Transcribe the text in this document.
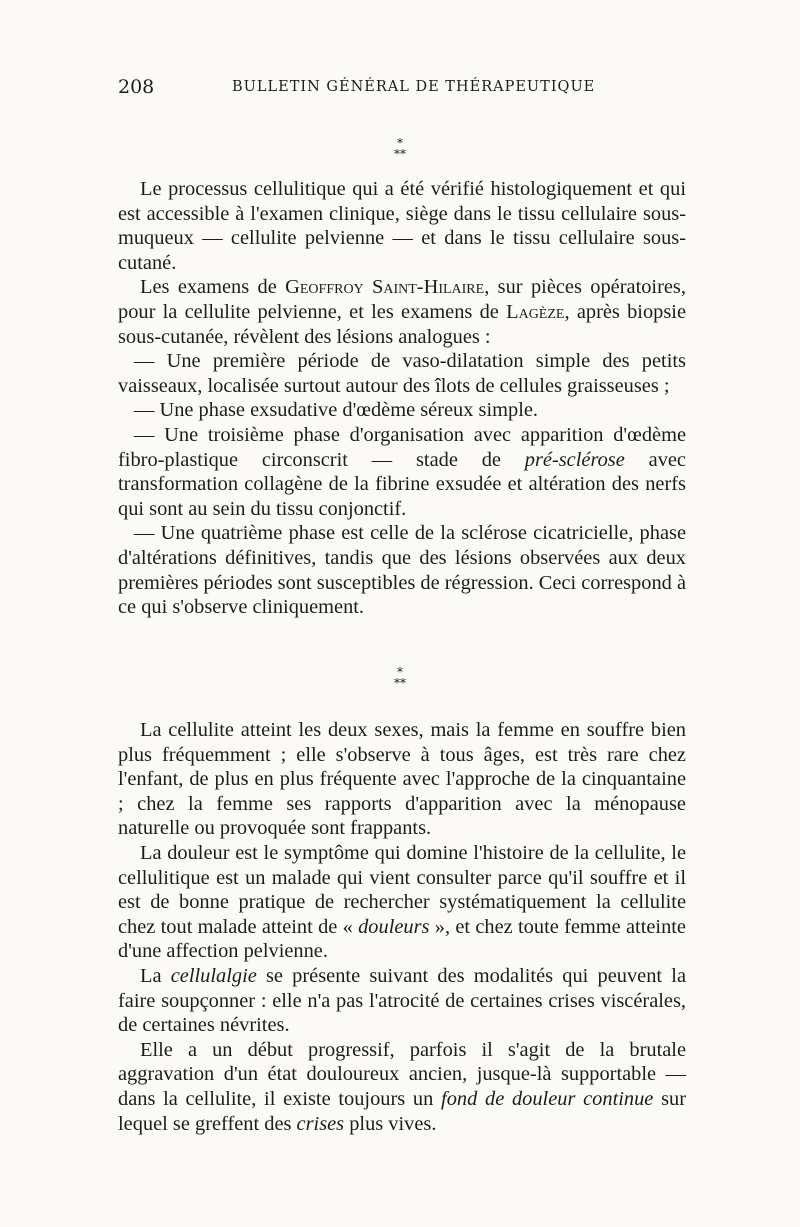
208	BULLETIN GÉNÉRAL DE THÉRAPEUTIQUE
*
**

Le processus cellulitique qui a été vérifié histologiquement et qui est accessible à l'examen clinique, siège dans le tissu cellulaire sous-muqueux — cellulite pelvienne — et dans le tissu cellulaire sous-cutané.

Les examens de Geoffroy Saint-Hilaire, sur pièces opératoires, pour la cellulite pelvienne, et les examens de Lagèze, après biopsie sous-cutanée, révèlent des lésions analogues :

— Une première période de vaso-dilatation simple des petits vaisseaux, localisée surtout autour des îlots de cellules graisseuses ;

— Une phase exsudative d'œdème séreux simple.

— Une troisième phase d'organisation avec apparition d'œdème fibro-plastique circonscrit — stade de pré-sclérose avec transformation collagène de la fibrine exsudée et altération des nerfs qui sont au sein du tissu conjonctif.

— Une quatrième phase est celle de la sclérose cicatricielle, phase d'altérations définitives, tandis que des lésions observées aux deux premières périodes sont susceptibles de régression. Ceci correspond à ce qui s'observe cliniquement.

*
**

La cellulite atteint les deux sexes, mais la femme en souffre bien plus fréquemment ; elle s'observe à tous âges, est très rare chez l'enfant, de plus en plus fréquente avec l'approche de la cinquantaine ; chez la femme ses rapports d'apparition avec la ménopause naturelle ou provoquée sont frappants.

La douleur est le symptôme qui domine l'histoire de la cellulite, le cellulitique est un malade qui vient consulter parce qu'il souffre et il est de bonne pratique de rechercher systématiquement la cellulite chez tout malade atteint de « douleurs », et chez toute femme atteinte d'une affection pelvienne.

La cellulalgie se présente suivant des modalités qui peuvent la faire soupçonner : elle n'a pas l'atrocité de certaines crises viscérales, de certaines névrites.

Elle a un début progressif, parfois il s'agit de la brutale aggravation d'un état douloureux ancien, jusque-là supportable — dans la cellulite, il existe toujours un fond de douleur continue sur lequel se greffent des crises plus vives.
